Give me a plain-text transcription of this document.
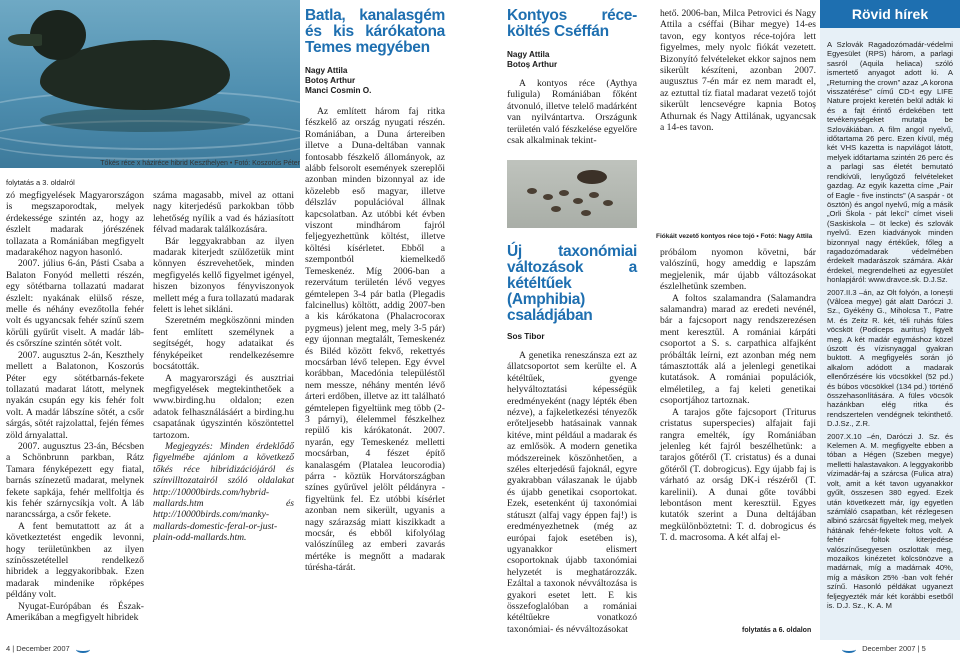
Tőkés réce x háziréce hibrid Keszthelyen • Fotó: Koszorús Péter
folytatás a 3. oldalról

zó megfigyelések Magyarországon is megszaporodtak, melyek érdekessége szintén az, hogy az észlelt madarak jórészének tollazata a Romániában megfigyelt madarakéhoz nagyon hasonló.

2007. július 6-án, Pásti Csaba a Balaton Fonyód melletti részén, egy sötétbarna tollazatú madarat észlelt: nyakának elülső része, melle és néhány evezőtolla fehér volt és ugyancsak fehér színű szem körüli gyűrűt viselt. A madár láb- és csőrszíne szintén sötét volt.

2007. augusztus 2-án, Keszthely mellett a Balatonon, Koszorús Péter egy sötétbarnás-fekete tollazatú madarat látott, melynek nyakán csupán egy kis fehér folt volt. A madár lábszíne sötét, a csőr sárgás, sötét rajzolattal, fején fémes zöld árnyalattal.

2007. augusztus 23-án, Bécsben a Schönbrunn parkban, Rátz Tamara fényképezett egy fiatal, barnás színezetű madarat, melynek fekete sapkája, fehér mellfoltja és kis fehér szárnycsíkja volt. A láb narancssárga, a csőr fekete.

A fent bemutattott az át a következtetést engedik levonni, hogy területünkben az ilyen színösszetétellel rendelkező hibridek a leggyakoribbak. Ezen madarak mindenike röpképes példány volt.

Nyugat-Európában és Észak-Amerikában a megfigyelt hibridek

száma magasabb, mivel az ottani nagy kiterjedésű parkokban több lehetőség nyílik a vad és háziasított félvad madarak találkozására.

Bár leggyakrabban az ilyen madarak kiterjedt szülőzetük mint könnyen észrevehetőek, minden megfigyelés kellő figyelmet igényel, hiszen bizonyos fényviszonyok mellett még a fura tollazatú madarak felett is lehet sikláni.

Szeretném megköszönni minden fent említett személynek a segítségét, hogy adataikat és fényképeiket rendelkezésemre bocsátották.

A magyarországi és ausztriai megfigyelések megtekinthetőek a www.birding.hu oldalon; ezen adatok felhasználásáért a birding.hu csapatának úgyszintén köszöntettel tartozom.

Megjegyzés: Minden érdeklődő figyelmébe ajánlom a következő tőkés réce hibridizációjáról és színvilltozatairól szóló oldalakat http://10000birds.com/hybrid-mallards.htm és http://10000birds.com/manky-mallards-domestic-feral-or-just-plain-odd-mallards.htm.

Batla, kanalasgém és kis kárókatona Temes megyében
Nagy Attila
Botoș Arthur
Manci Cosmin O.

Az említett három faj ritka fészkelő az ország nyugati részén. Romániában, a Duna ártereiben illetve a Duna-deltában vannak fontosabb fészkelő állományok, az alább felsorolt események szereplői azonban minden bizonnyal az ide közelebb eső magyar, illetve délszláv populációval állnak kapcsolatban. Az utóbbi két évben viszont mindhárom fajról feljegyezhettünk költést, illetve költési kísérletet. Ebből a szempontból kiemelkedő Temeskenéz. Míg 2006-ban a rezervátum területén lévő vegyes gémtelepen 3-4 pár batla (Plegadis falcinellus) költött, addig 2007-ben a kis kárókatona (Phalacrocorax pygmeus) jelent meg, mely 3-5 pár) egy újonnan megtalált, Temeskenéz és Biléd között fekvő, rekettyés mocsárban lévő telepen. Egy évvel korábban, Macedónia településtől nem messze, néhány mentén lévő árteri erdőben, illetve az itt található gémtelepen figyeltünk meg több (2-3 párnyi), élelemmel fészkelhez repülő kis kárókatonát. 2007. nyarán, egy Temeskenéz melletti mocsárban, 4 fészet építő kanalasgém (Platalea leucorodia) párra - köztük Horvátországban színes gyűrűvel jelölt példányra - figyeltünk fel. Ez utóbbi kísérlet azonban nem sikerült, ugyanis a nagy szárazság miatt kiszikkadt a mocsár, és ebből kifolyólag valószínűleg az emberi zavarás mértéke is megnőtt a madarak túrésha-tárát.

Kontyos réce-költés Cséffán
Nagy Attila
Botoș Arthur

A kontyos réce (Aythya fuligula) Romániában főként átvonuló, illetve telelő madárként van nyilvántartva. Országunk területén való fészkelése egyelőre csak alkalminak tekint-

hető. 2006-ban, Milca Petrovici és Nagy Attila a cséffai (Bihar megye) 14-es tavon, egy kontyos réce-tojóra lett figyelmes, mely nyolc fiókát vezetett. Bizonyító felvételeket ekkor sajnos nem sikerült készíteni, azonban 2007. augusztus 7-én már ez nem maradt el, az eztuttal tíz fiatal madarat vezető tojót sikerült lencsevégre kapnia Botoș Athurnak és Nagy Attilának, ugyancsak a 14-es tavon.

Fiókáit vezető kontyos réce tojó • Fotó: Nagy Attila
Új taxonómiai változások a kétéltűek (Amphibia) családjában
Sos Tibor

A genetika reneszánsza ezt az állatcsoportot sem kerülte el. A kétéltűek, gyenge helyváltoztatási képességük eredményeként (nagy lépték ében nézve), a fajkeletkezési tényezők erőteljesebb hatásainak vannak kitéve, mint például a madarak és az emlősök. A modern genetika módszereinek köszönhetően, a széles elterjedésű fajoknál, egyre gyakrabban válaszanak le újabb és újabb genetikai csoportokat. Ezek, esetenként új taxonómiai státuszt (alfaj vagy éppen faj!) is eredményezhetnek (még az európai fajok esetében is), ugyanakkor elismert csoportoknak újabb taxonómiai helyzetét is meghatározzák. Ezáltal a taxonok névváltozása is gyakori esetet lett. E kis összefoglalóban a romániai kétéltűekre vonatkozó taxonómiai- és névváltozásokat

próbálom nyomon követni, bár valószínű, hogy ameddig e lapszám megjelenik, már újabb változásokat észlelhetünk szemben.

A foltos szalamandra (Salamandra salamandra) marad az eredeti nevénél, bár a fajcsoport nagy rendszerezésen ment keresztül. A romániai kárpáti csoportot a S. s. carpathica alfajként próbálták leírni, ezt azonban még nem támasztották alá a jelenlegi genetikai kutatások. A romániai populációk, elméletileg, a faj keleti genetikai csoportjához tartoznak.

A tarajos gőte fajcsoport (Triturus cristatus superspecies) alfajait faji rangra emelték, így Romániában jelenleg két fajról beszélhetünk: a tarajos gőtéről (T. cristatus) és a dunai gőtéről (T. dobrogicus). Egy újabb faj is várható az orság DK-i részéről (T. karelinii). A dunai gőte további lebontáson ment keresztül. Egyes kutatók szerint a Duna deltájában megkülönböztetni: T. d. dobrogicus és T. d. macrosoma. A két alfaj el-

folytatás a 6. oldalon
Rövid hírek

A Szlovák Ragadozómadár-védelmi Egyesület (RPS) három, a parlagi sasról (Aquila heliaca) szóló ismertető anyagot adott ki. A „Returning the crown” azaz „A korona visszatérése” című CD-t egy LIFE Nature projekt keretén belül adták ki és a fajt érintő érdekében tett tevékenységeket mutatja be Szlovákiában. A film angol nyelvű, időtartama 26 perc. Ezen kívül, még két VHS kazetta is napvilágot látott, melyek időtartama szintén 26 perc és a parlagi sas életét bemutató rendkívüli, lenyűgöző felvételeket gazdag. Az egyik kazetta címe „Pair of Eagle - five instincts” (A saspár - öt ösztön) és angol nyelvű, míg a másik „Orli Škola - pát lekcí” címet viseli (Saskiskola – öt lecke) és szlovák nyelvű. Ezen kiadványok minden bizonnyal nagy értékűek, főleg a ragadozómadarak védelmében érdekelt madarászok számára. Akár érdekel, megrendelheti az egyesület honlapjáról: www.dravce.sk. D.J.Sz.

2007.II.3 –án, az Olt folyón, a Ionești (Vâlcea megye) gát alatt Daróczi J. Sz., Gyékény G., Miholcsa T., Patre M. és Zeitz R. két, téli ruhás füles vöcsköt (Podiceps auritus) figyelt meg. A két madár egymáshoz közel úszott és vízisnyaggal gyakran buktott. A megfigyelés során jó alkalom adódott a madarak ellenőrzésére kis vöcsökkel (52 pd.) és búbos vöcsökkel (134 pd.) történő összehasonlítására. A füles vöcsök hazánkban elég ritka és rendszertelen vendégnek tekinthető. D.J.Sz., Z.R.

2007.X.10 –én, Daróczi J. Sz. és Kelemen A. M. megfigyelte ebben a tóban a Hégen (Szeben megye) melletti halastavakon. A leggyakoribb vízimadár-faj a szárcsa (Fulica atra) volt, amit a két tavon ugyanakkor gyűlt, összesen 380 egyed. Ezek után következett már, így egyetlen számláló csapatban, két rézlegesen albinó szárcsát figyeltek meg, melyek hátának fehér-fekete foltos volt. A fehér foltok kiterjedése valószínűsegyesen oszlottak meg, mozaikos kinézetet kölcsönözve a madárnak, míg a madárnak 40%, míg a másikon 25% -ban volt fehér színű. Hasonló példákat ugyanezt feljegyezték már két korábbi esetből is. D.J. Sz., K. A. M

4 | December 2007	December 2007 | 5
